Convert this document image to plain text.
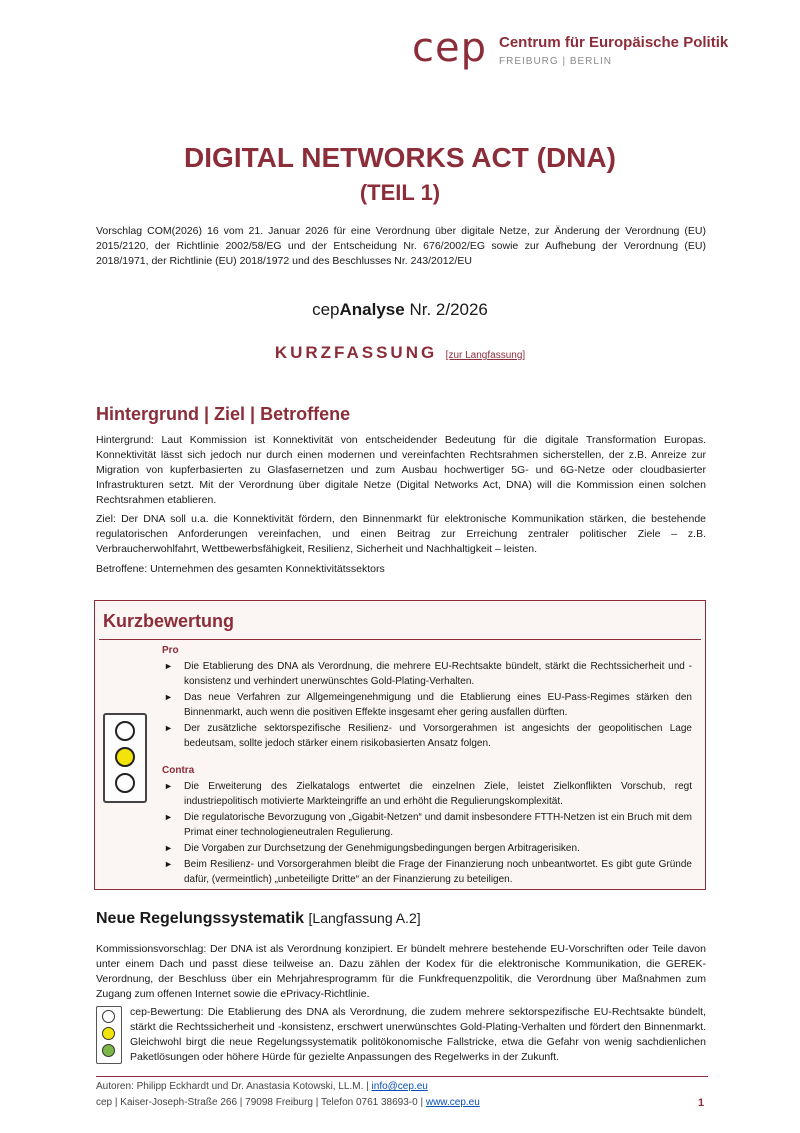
cep Centrum für Europäische Politik
FREIBURG | BERLIN
DIGITAL NETWORKS ACT (DNA)
(TEIL 1)
Vorschlag COM(2026) 16 vom 21. Januar 2026 für eine Verordnung über digitale Netze, zur Änderung der Verordnung (EU) 2015/2120, der Richtlinie 2002/58/EG und der Entscheidung Nr. 676/2002/EG sowie zur Aufhebung der Verordnung (EU) 2018/1971, der Richtlinie (EU) 2018/1972 und des Beschlusses Nr. 243/2012/EU
cepAnalyse Nr. 2/2026
KURZFASSUNG [zur Langfassung]
Hintergrund | Ziel | Betroffene
Hintergrund: Laut Kommission ist Konnektivität von entscheidender Bedeutung für die digitale Transformation Europas. Konnektivität lässt sich jedoch nur durch einen modernen und vereinfachten Rechtsrahmen sicherstellen, der z.B. Anreize zur Migration von kupferbasierten zu Glasfasernetzen und zum Ausbau hochwertiger 5G- und 6G-Netze oder cloudbasierter Infrastrukturen setzt. Mit der Verordnung über digitale Netze (Digital Networks Act, DNA) will die Kommission einen solchen Rechtsrahmen etablieren.
Ziel: Der DNA soll u.a. die Konnektivität fördern, den Binnenmarkt für elektronische Kommunikation stärken, die bestehende regulatorischen Anforderungen vereinfachen, und einen Beitrag zur Erreichung zentraler politischer Ziele – z.B. Verbraucherwohlfahrt, Wettbewerbsfähigkeit, Resilienz, Sicherheit und Nachhaltigkeit – leisten.
Betroffene: Unternehmen des gesamten Konnektivitätssektors
Kurzbewertung
Pro
► Die Etablierung des DNA als Verordnung, die mehrere EU-Rechtsakte bündelt, stärkt die Rechtssicherheit und -konsistenz und verhindert unerwünschtes Gold-Plating-Verhalten.
► Das neue Verfahren zur Allgemeingenehmigung und die Etablierung eines EU-Pass-Regimes stärken den Binnenmarkt, auch wenn die positiven Effekte insgesamt eher gering ausfallen dürften.
► Der zusätzliche sektorspezifische Resilienz- und Vorsorgerahmen ist angesichts der geopolitischen Lage bedeutsam, sollte jedoch stärker einem risikobasierten Ansatz folgen.
Contra
► Die Erweiterung des Zielkatalogs entwertet die einzelnen Ziele, leistet Zielkonflikten Vorschub, regt industriepolitisch motivierte Markteingriffe an und erhöht die Regulierungskomplexität.
► Die regulatorische Bevorzugung von „Gigabit-Netzen“ und damit insbesondere FTTH-Netzen ist ein Bruch mit dem Primat einer technologieneutralen Regulierung.
► Die Vorgaben zur Durchsetzung der Genehmigungsbedingungen bergen Arbitragerisiken.
► Beim Resilienz- und Vorsorgerahmen bleibt die Frage der Finanzierung noch unbeantwortet. Es gibt gute Gründe dafür, (vermeintlich) „unbeteiligte Dritte“ an der Finanzierung zu beteiligen.
Neue Regelungssystematik [Langfassung A.2]
Kommissionsvorschlag: Der DNA ist als Verordnung konzipiert. Er bündelt mehrere bestehende EU-Vorschriften oder Teile davon unter einem Dach und passt diese teilweise an. Dazu zählen der Kodex für die elektronische Kommunikation, die GEREK-Verordnung, der Beschluss über ein Mehrjahresprogramm für die Funkfrequenzpolitik, die Verordnung über Maßnahmen zum Zugang zum offenen Internet sowie die ePrivacy-Richtlinie.
cep-Bewertung: Die Etablierung des DNA als Verordnung, die zudem mehrere sektorspezifische EU-Rechtsakte bündelt, stärkt die Rechtssicherheit und -konsistenz, erschwert unerwünschtes Gold-Plating-Verhalten und fördert den Binnenmarkt. Gleichwohl birgt die neue Regelungssystematik politökonomische Fallstricke, etwa die Gefahr von wenig sachdienlichen Paketlösungen oder höhere Hürde für gezielte Anpassungen des Regelwerks in der Zukunft.
Autoren: Philipp Eckhardt und Dr. Anastasia Kotowski, LL.M. | info@cep.eu
cep | Kaiser-Joseph-Straße 266 | 79098 Freiburg | Telefon 0761 38693-0 | www.cep.eu	1
